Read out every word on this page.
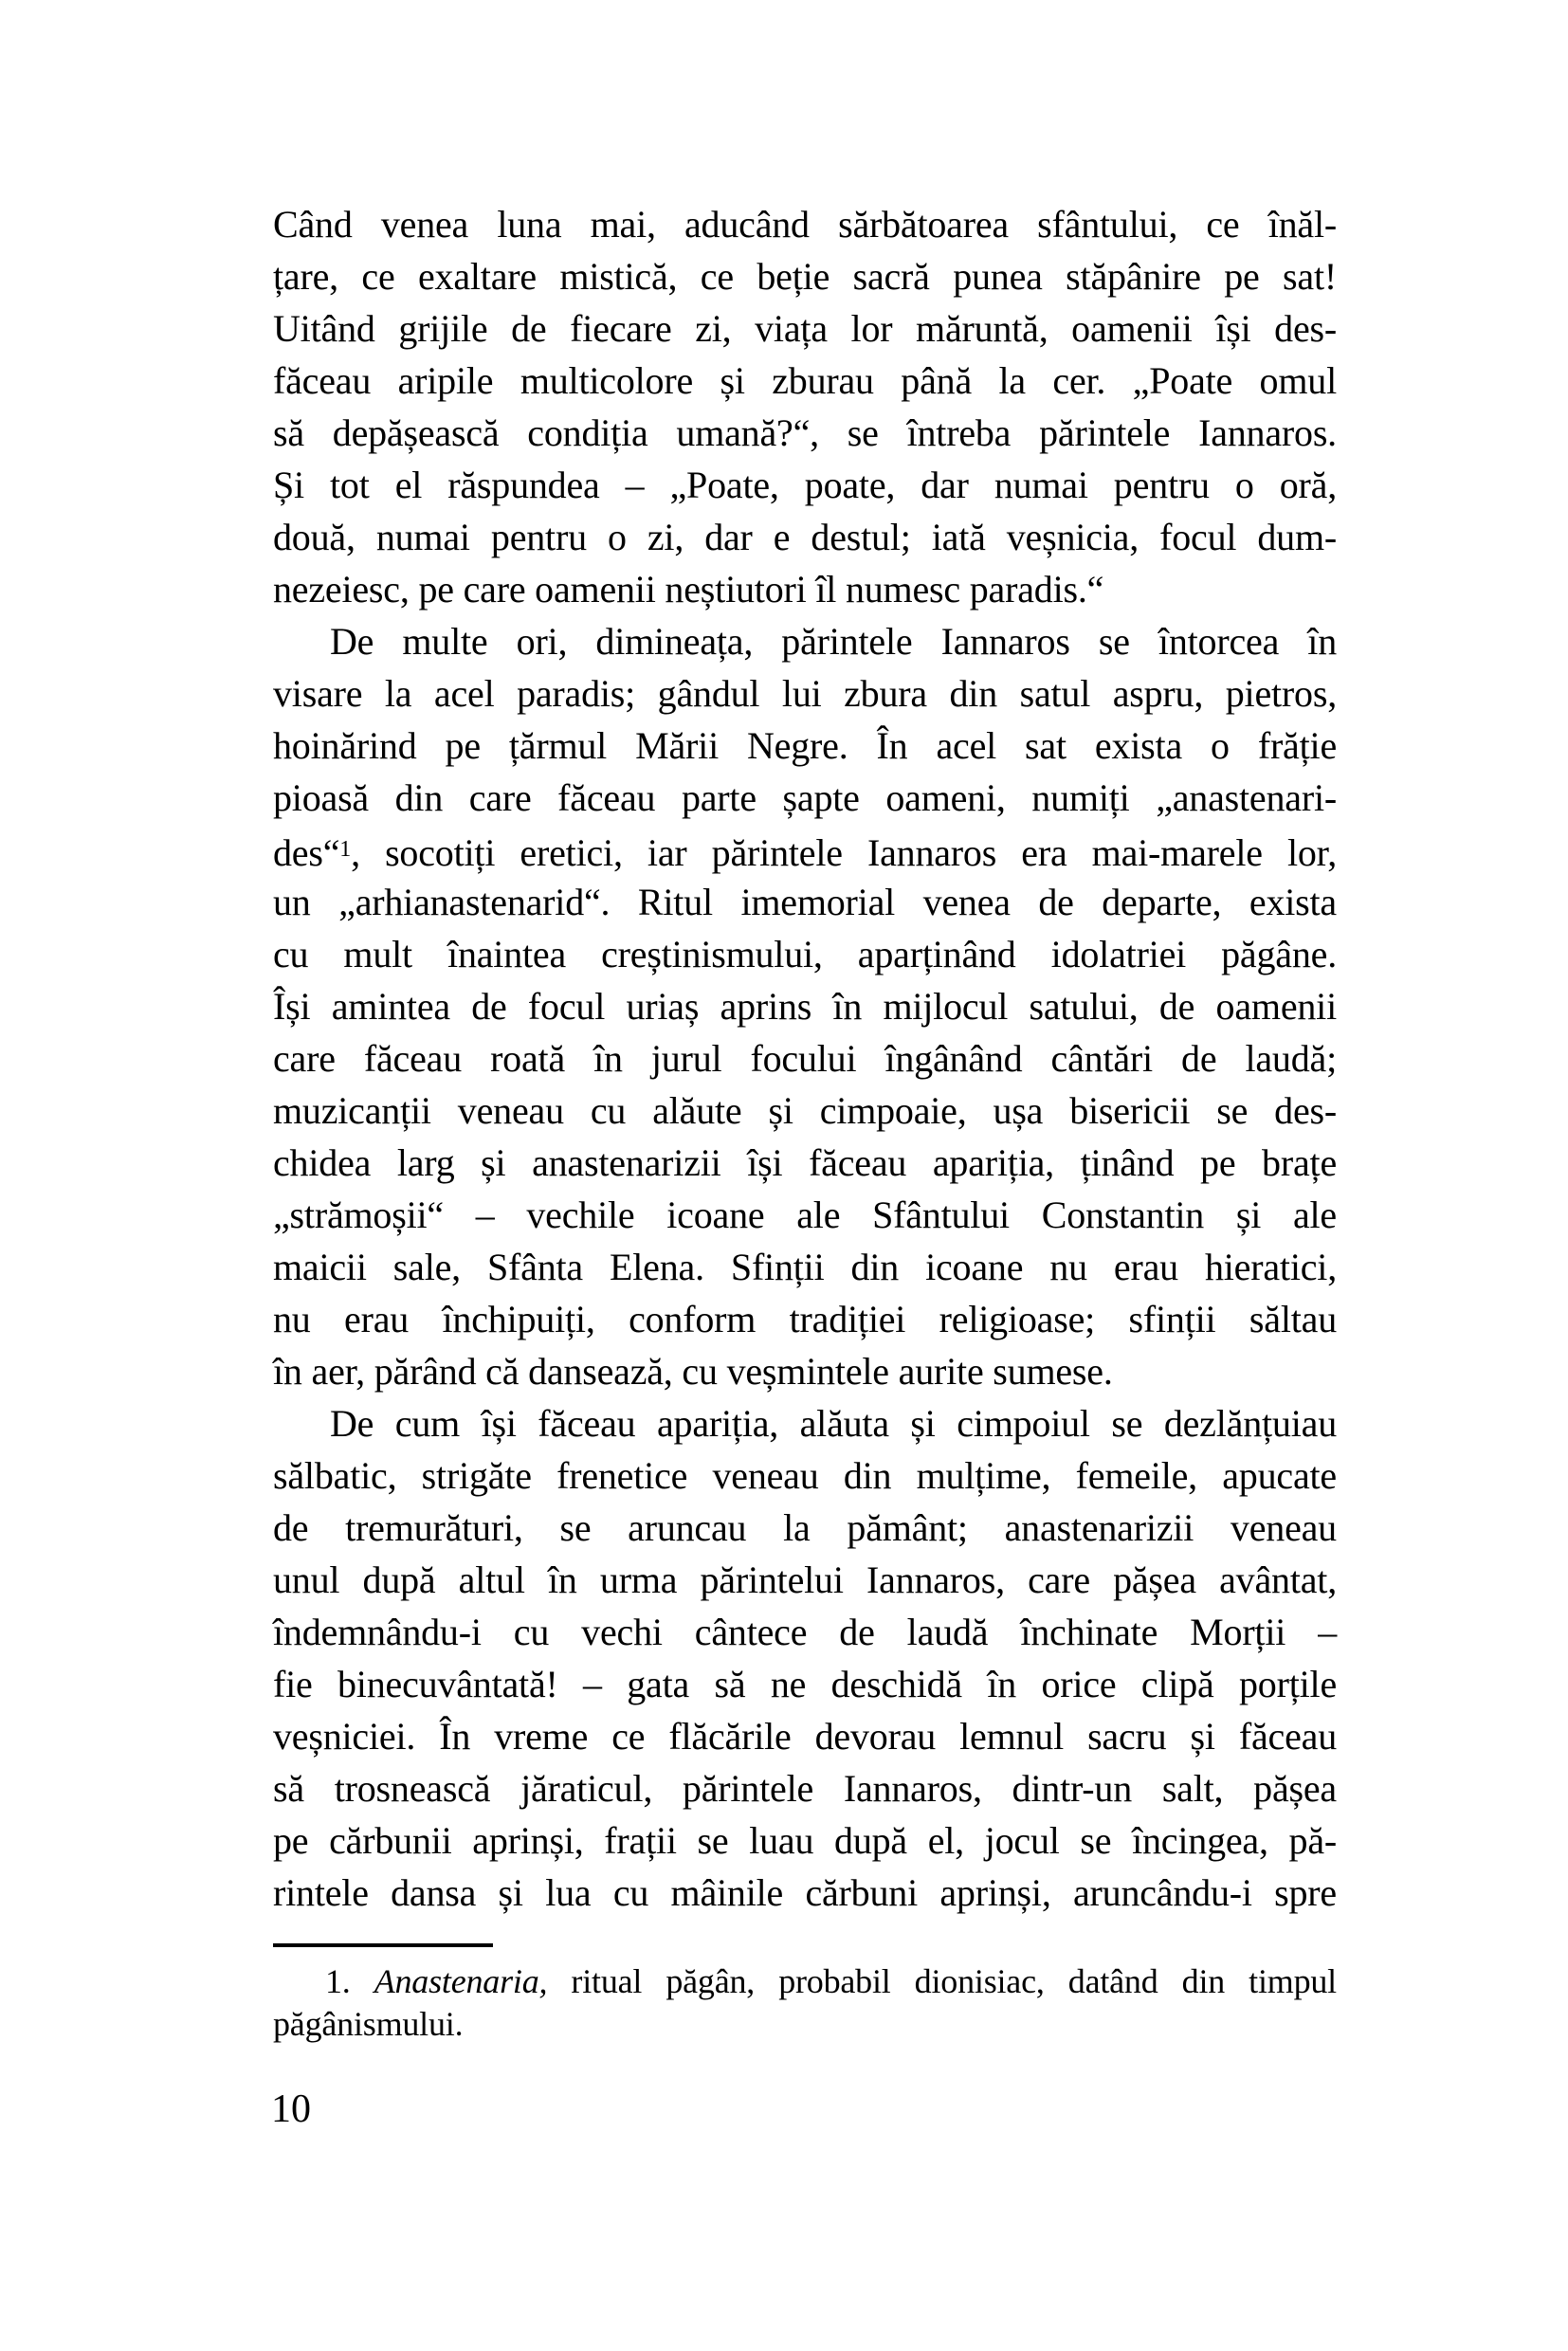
Când venea luna mai, aducând sărbătoarea sfântului, ce înăl-
țare, ce exaltare mistică, ce beție sacră punea stăpânire pe sat!
Uitând grijile de fiecare zi, viața lor măruntă, oamenii își des-
făceau aripile multicolore și zburau până la cer. „Poate omul
să depășească condiția umană?“, se întreba părintele Iannaros.
Și tot el răspundea – „Poate, poate, dar numai pentru o oră,
două, numai pentru o zi, dar e destul; iată veșnicia, focul dum-
nezeiesc, pe care oamenii neștiutori îl numesc paradis.“
De multe ori, dimineața, părintele Iannaros se întorcea în
visare la acel paradis; gândul lui zbura din satul aspru, pietros,
hoinărind pe țărmul Mării Negre. În acel sat exista o frăție
pioasă din care făceau parte șapte oameni, numiți „anastenari-
des“$^1$, socotiți eretici, iar părintele Iannaros era mai-marele lor,
un „arhianastenarid“. Ritul imemorial venea de departe, exista
cu mult înaintea creștinismului, aparținând idolatriei păgâne.
Își amintea de focul uriaș aprins în mijlocul satului, de oamenii
care făceau roată în jurul focului îngânând cântări de laudă;
muzicanții veneau cu alăute și cimpoaie, ușa bisericii se des-
chidea larg și anastenarizii își făceau apariția, ținând pe brațe
„strămoșii“ – vechile icoane ale Sfântului Constantin și ale
maicii sale, Sfânta Elena. Sfinții din icoane nu erau hieratici,
nu erau închipuiți, conform tradiției religioase; sfinții săltau
în aer, părând că dansează, cu veșmintele aurite sumese.
De cum își făceau apariția, alăuta și cimpoiul se dezlănțuiau
sălbatic, strigăte frenetice veneau din mulțime, femeile, apucate
de tremurături, se aruncau la pământ; anastenarizii veneau
unul după altul în urma părintelui Iannaros, care pășea avântat,
îndemnându-i cu vechi cântece de laudă închinate Morții –
fie binecuvântată! – gata să ne deschidă în orice clipă porțile
veșniciei. În vreme ce flăcările devorau lemnul sacru și făceau
să trosnească jăraticul, părintele Iannaros, dintr-un salt, pășea
pe cărbunii aprinși, frații se luau după el, jocul se încingea, pă-
rintele dansa și lua cu mâinile cărbuni aprinși, aruncându-i spre
1. Anastenaria, ritual păgân, probabil dionisiac, datând din timpul
păgânismului.
10
